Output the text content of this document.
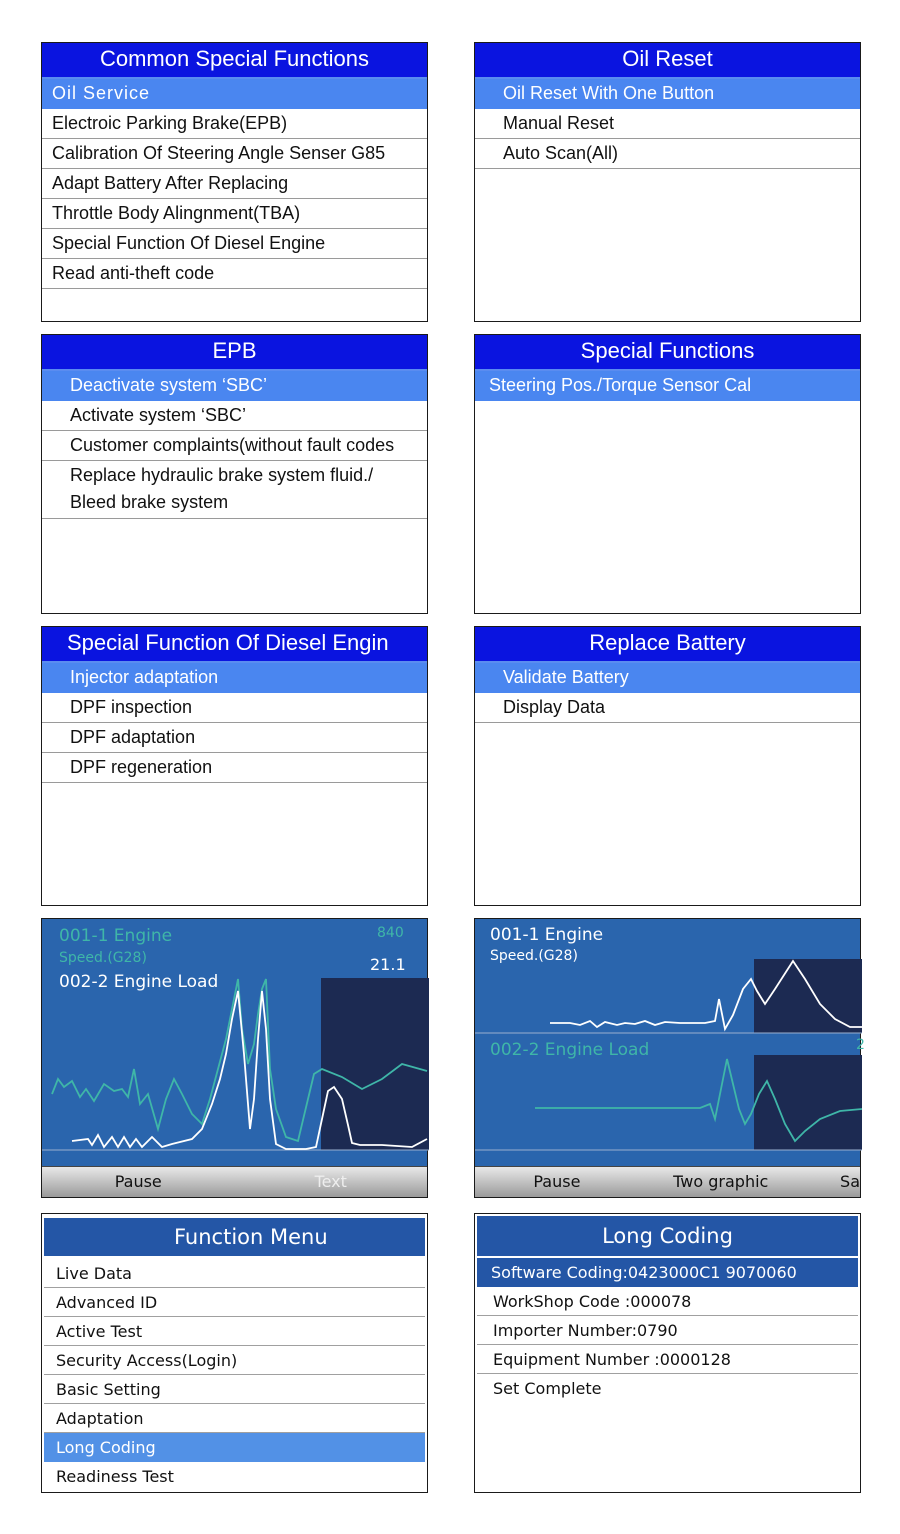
Common Special Functions
Oil Service
Electroic Parking Brake(EPB)
Calibration Of Steering Angle Senser G85
Adapt Battery After Replacing
Throttle Body Alingnment(TBA)
Special Function Of Diesel Engine
Read anti-theft code
Oil Reset
Oil Reset With One Button
Manual Reset
Auto Scan(All)
EPB
Deactivate system ‘SBC’
Activate system ‘SBC’
Customer complaints(without fault codes
Replace hydraulic brake system fluid./
Bleed brake system
Special Functions
Steering Pos./Torque Sensor Cal
Special Function Of Diesel Engin
Injector adaptation
DPF inspection
DPF adaptation
DPF regeneration
Replace Battery
Validate Battery
Display Data
001-1 Engine
Speed.(G28)
840
002-2 Engine Load
21.1
Pause	Text
001-1 Engine
Speed.(G28)
002-2 Engine Load	2
Pause	Two graphic	Sa
Function Menu
Live Data
Advanced ID
Active Test
Security Access(Login)
Basic Setting
Adaptation
Long Coding
Readiness Test
Long Coding
Software Coding:0423000C1 9070060
WorkShop Code :000078
Importer Number:0790
Equipment Number :0000128
Set Complete
